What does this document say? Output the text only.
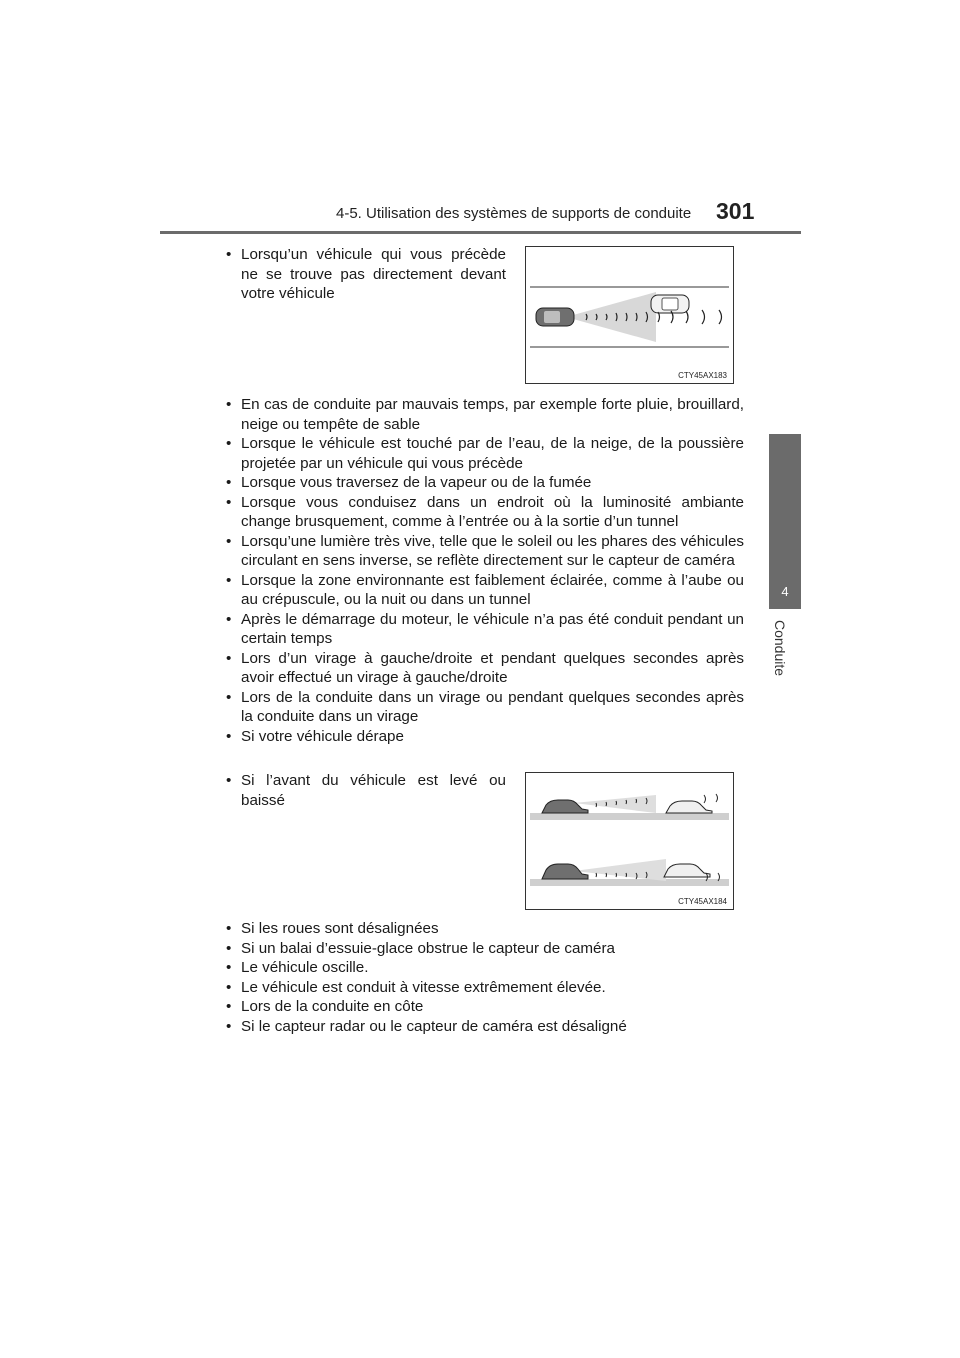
4-5. Utilisation des systèmes de supports de conduite 301
4
Conduite
• Lorsqu’un véhicule qui vous précède ne se trouve pas directement devant votre véhicule
CTY45AX183
• En cas de conduite par mauvais temps, par exemple forte pluie, brouillard, neige ou tempête de sable
• Lorsque le véhicule est touché par de l’eau, de la neige, de la poussière projetée par un véhicule qui vous précède
• Lorsque vous traversez de la vapeur ou de la fumée
• Lorsque vous conduisez dans un endroit où la luminosité ambiante change brusquement, comme à l’entrée ou à la sortie d’un tunnel
• Lorsqu’une lumière très vive, telle que le soleil ou les phares des véhicules circulant en sens inverse, se reflète directement sur le capteur de caméra
• Lorsque la zone environnante est faiblement éclairée, comme à l’aube ou au crépuscule, ou la nuit ou dans un tunnel
• Après le démarrage du moteur, le véhicule n’a pas été conduit pendant un certain temps
• Lors d’un virage à gauche/droite et pendant quelques secondes après avoir effectué un virage à gauche/droite
• Lors de la conduite dans un virage ou pendant quelques secondes après la conduite dans un virage
• Si votre véhicule dérape
• Si l’avant du véhicule est levé ou baissé
CTY45AX184
• Si les roues sont désalignées
• Si un balai d’essuie-glace obstrue le capteur de caméra
• Le véhicule oscille.
• Le véhicule est conduit à vitesse extrêmement élevée.
• Lors de la conduite en côte
• Si le capteur radar ou le capteur de caméra est désaligné
